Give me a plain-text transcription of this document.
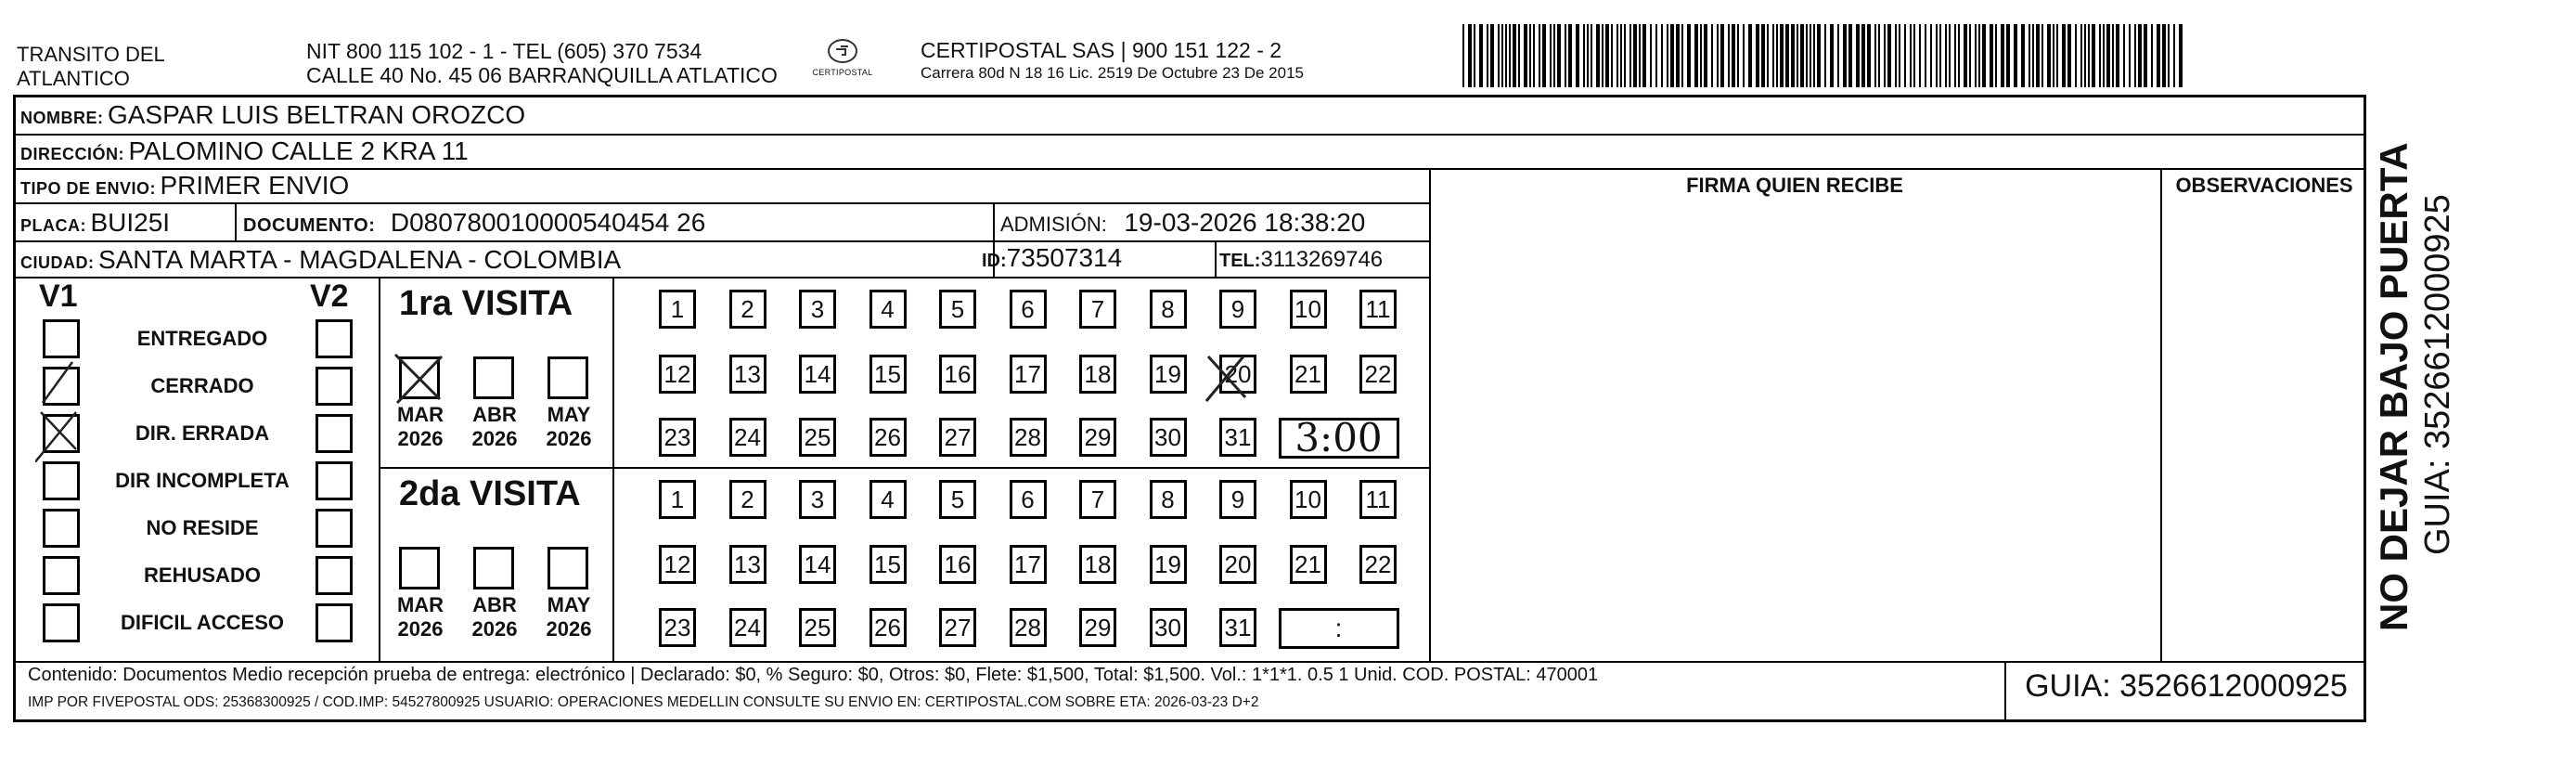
TRANSITO DEL
ATLANTICO
NIT 800 115 102 - 1 - TEL (605) 370 7534
CALLE 40 No. 45 06 BARRANQUILLA ATLATICO	CERTIPOSTAL
CERTIPOSTAL SAS | 900 151 122 - 2
Carrera 80d N 18 16 Lic. 2519 De Octubre 23 De 2015
NOMBRE: GASPAR LUIS BELTRAN OROZCO
DIRECCIÓN: PALOMINO CALLE 2 KRA 11
TIPO DE ENVIO: PRIMER ENVIO	FIRMA QUIEN RECIBE	OBSERVACIONES
PLACA: BUI25I	DOCUMENTO: D080780010000540454 26	ADMISIÓN: 19-03-2026 18:38:20
CIUDAD: SANTA MARTA - MAGDALENA - COLOMBIA	ID:73507314	TEL:3113269746
V1	V2
ENTREGADO
CERRADO
DIR. ERRADA
DIR INCOMPLETA
NO RESIDE
REHUSADO
DIFICIL ACCESO
1ra VISITA
MAR
2026
ABR
2026
MAY
2026
1	2	3	4	5	6	7	8	9	10 11
12 13 14 15 16 17 18 19 20 21 22
23 24 25 26 27 28 29 30 31	3:00
2da VISITA
MAR
2026
ABR
2026
MAY
2026
1	2	3	4	5	6	7	8	9	10 11
12 13 14 15 16 17 18 19 20 21 22
23 24 25 26 27 28 29 30 31	:
Contenido: Documentos Medio recepción prueba de entrega: electrónico | Declarado: $0, % Seguro: $0, Otros: $0, Flete: $1,500, Total: $1,500. Vol.: 1*1*1. 0.5 1 Unid. COD. POSTAL: 470001
IMP POR FIVEPOSTAL ODS: 25368300925 / COD.IMP: 54527800925 USUARIO: OPERACIONES MEDELLIN CONSULTE SU ENVIO EN: CERTIPOSTAL.COM SOBRE ETA: 2026-03-23 D+2	GUIA: 3526612000925
NO DEJAR BAJO PUERTA GUIA: 3526612000925
